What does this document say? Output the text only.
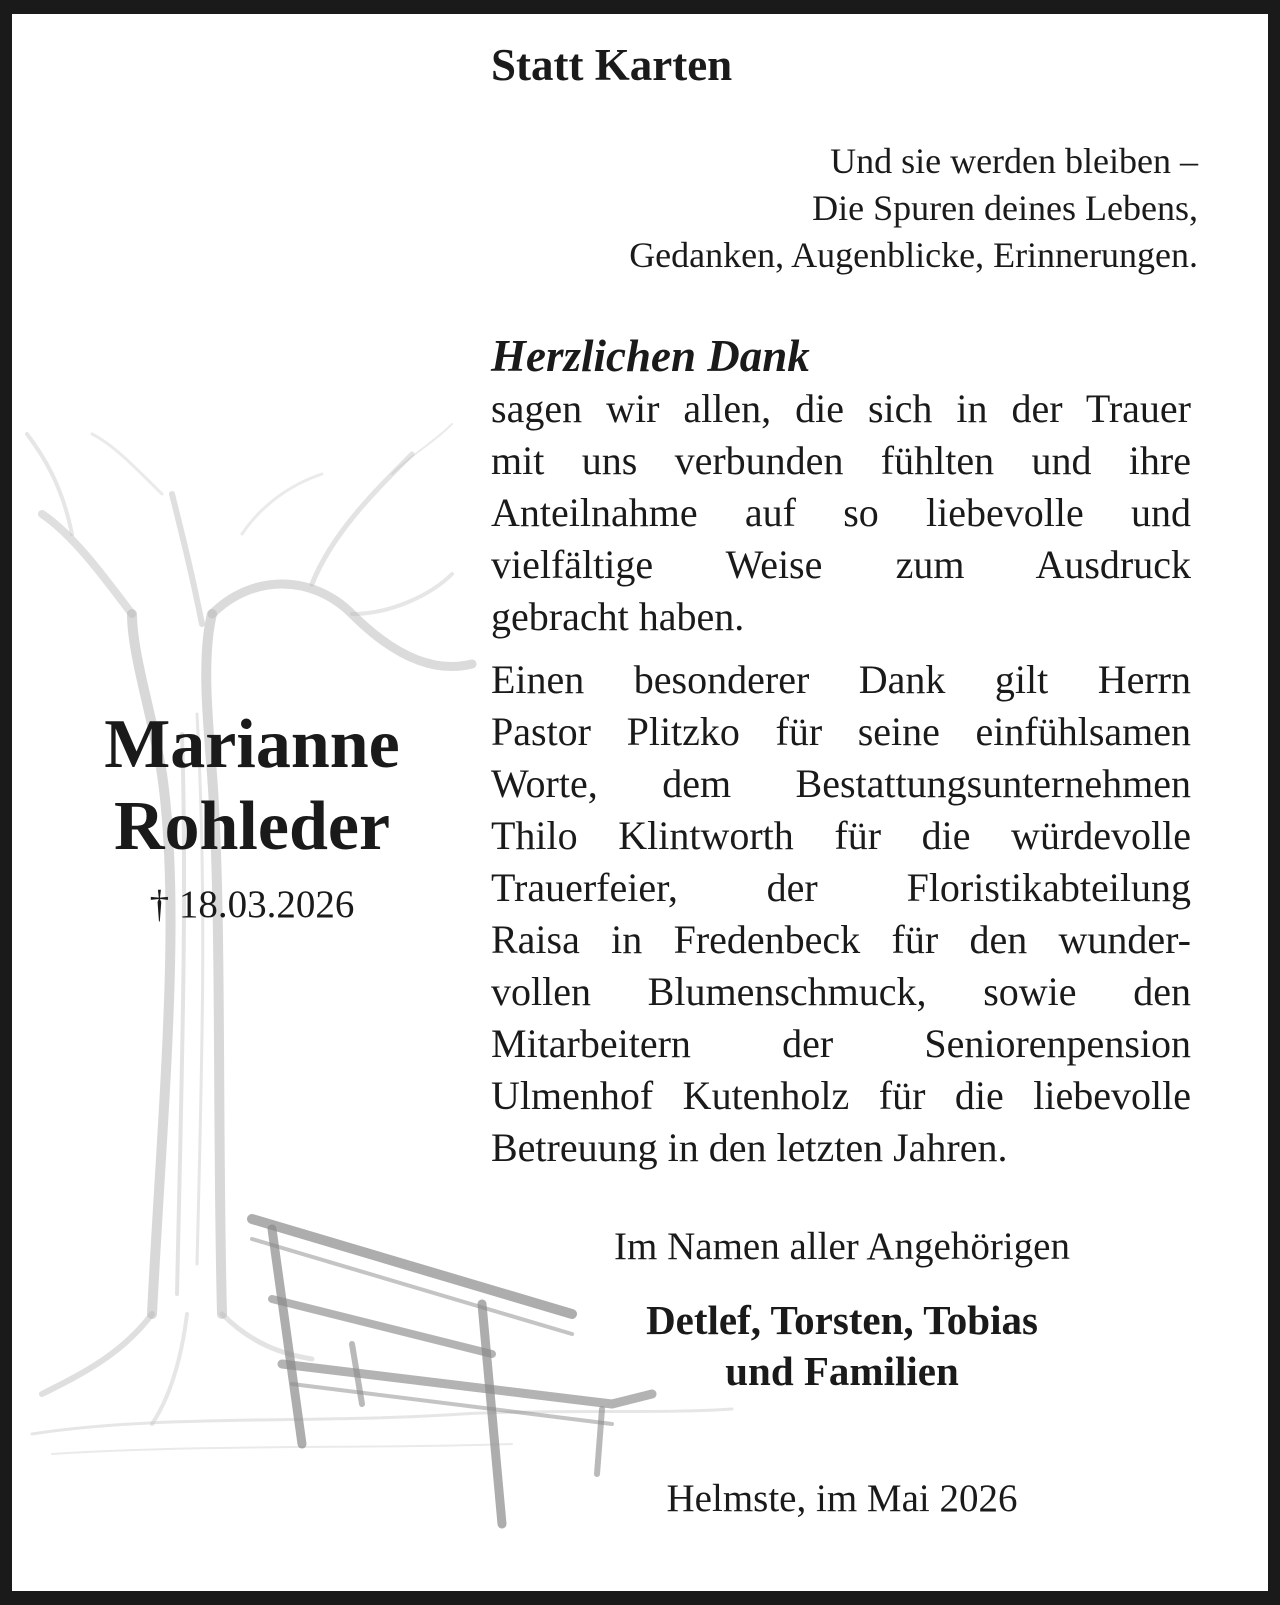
Statt Karten
Und sie werden bleiben –
Die Spuren deines Lebens,
Gedanken, Augenblicke, Erinnerungen.
Herzlichen Dank
sagen wir allen, die sich in der Trauer
mit uns verbunden fühlten und ihre
Anteilnahme auf so liebevolle und
vielfältige Weise zum Ausdruck
gebracht haben.
Einen besonderer Dank gilt Herrn
Pastor Plitzko für seine einfühlsamen
Worte, dem Bestattungsunternehmen
Thilo Klintworth für die würdevolle
Trauerfeier, der Floristikabteilung
Raisa in Fredenbeck für den wunder-
vollen Blumenschmuck, sowie den
Mitarbeitern der Seniorenpension
Ulmenhof Kutenholz für die liebevolle
Betreuung in den letzten Jahren.
Marianne
Rohleder
† 18.03.2026
Im Namen aller Angehörigen
Detlef, Torsten, Tobias
und Familien
Helmste, im Mai 2026
